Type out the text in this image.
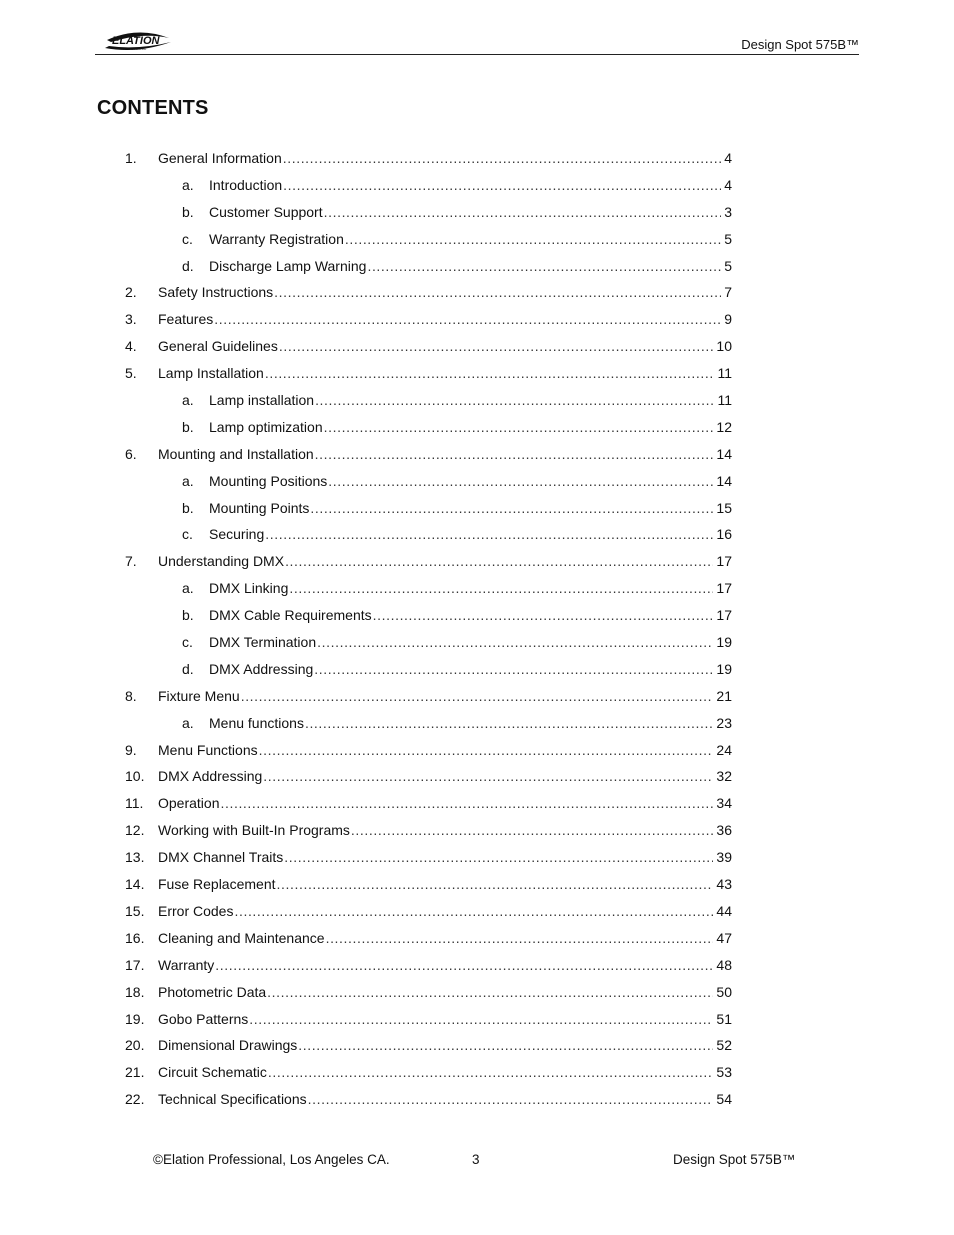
ELATION
PROFESSIONAL	Design Spot 575B™
CONTENTS
1. General Information .....	4
a. Introduction .....	4
b. Customer Support .....	3
c. Warranty Registration .....	5
d. Discharge Lamp Warning .....	5
2. Safety Instructions .....	7
3. Features .....	9
4. General Guidelines .....	10
5. Lamp Installation .....	11
a. Lamp installation .....	11
b. Lamp optimization .....	12
6. Mounting and Installation .....	14
a. Mounting Positions .....	14
b. Mounting Points .....	15
c. Securing .....	16
7. Understanding DMX .....	17
a. DMX Linking .....	17
b. DMX Cable Requirements .....	17
c. DMX Termination .....	19
d. DMX Addressing .....	19
8. Fixture Menu .....	21
a. Menu functions .....	23
9. Menu Functions .....	24
10. DMX Addressing .....	32
11. Operation .....	34
12. Working with Built-In Programs .....	36
13. DMX Channel Traits .....	39
14. Fuse Replacement .....	43
15. Error Codes .....	44
16. Cleaning and Maintenance .....	47
17. Warranty .....	48
18. Photometric Data .....	50
19. Gobo Patterns .....	51
20. Dimensional Drawings .....	52
21. Circuit Schematic .....	53
22. Technical Specifications .....	54
©Elation Professional, Los Angeles CA.	3	Design Spot 575B™
